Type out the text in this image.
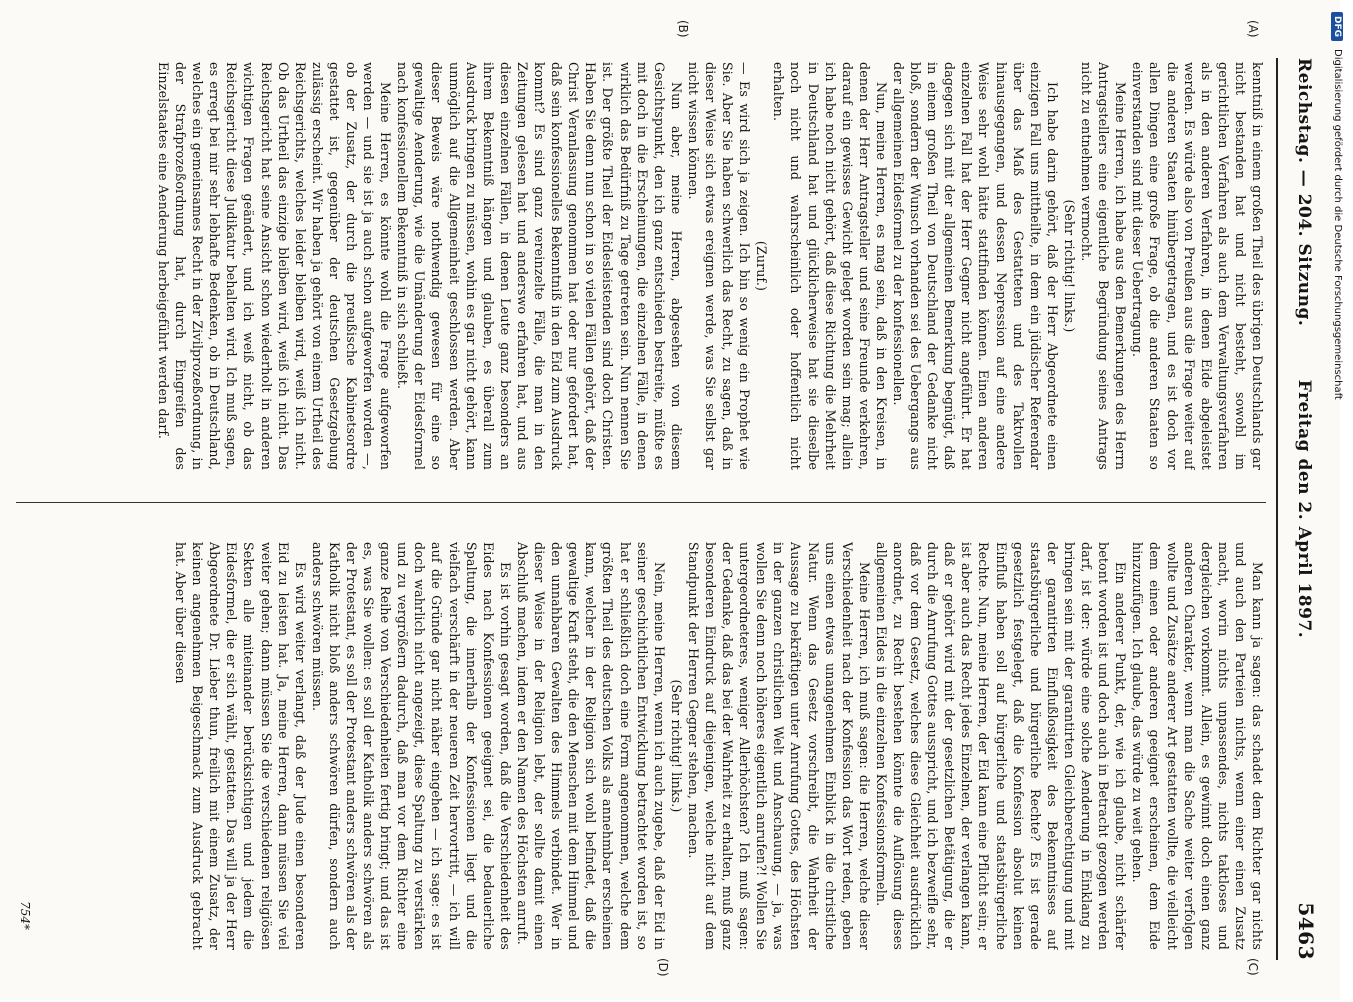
Reichstag. — 204. Sitzung.
Freitag den 2. April 1897.
5463
(A)
(B)
(C)
(D)

kenntniß in einem großen Theil des übrigen Deutschlands gar nicht bestanden hat und nicht besteht, sowohl im gerichtlichen Verfahren als auch dem Verwaltungsverfahren als in den anderen Verfahren, in denen Eide abgeleistet werden. Es würde also von Preußen aus die Frage weiter auf die anderen Staaten hinübergetragen, und es ist doch vor allen Dingen eine große Frage, ob die anderen Staaten so einverstanden sind mit dieser Uebertragung.

Meine Herren, ich habe aus den Bemerkungen des Herrn Antragstellers eine eigentliche Begründung seines Antrags nicht zu entnehmen vermocht.

(Sehr richtig! links.)

Ich habe darin gehört, daß der Herr Abgeordnete einen einzigen Fall uns mittheilte, in dem ein jüdischer Referendar über das Maß des Gestatteten und des Taktvollen hinausgegangen, und dessen Nepression auf eine andere Weise sehr wohl hätte stattfinden können. Einen anderen einzelnen Fall hat der Herr Gegner nicht angeführt. Er hat dagegen sich mit der allgemeinen Bemerkung begnügt, daß in einem großen Theil von Deutschland der Gedanke nicht bloß, sondern der Wunsch vorhanden sei des Uebergangs aus der allgemeinen Eidesformel zu der konfessionellen.

Nun, meine Herren, es mag sein, daß in den Kreisen, in denen der Herr Antragsteller und seine Freunde verkehren, darauf ein gewisses Gewicht gelegt worden sein mag; allein ich habe noch nicht gehört, daß diese Richtung die Mehrheit in Deutschland hat und glücklicherweise hat sie dieselbe noch nicht und wahrscheinlich oder hoffentlich nicht erhalten.

(Zuruf.)

— Es wird sich ja zeigen. Ich bin so wenig ein Prophet wie Sie. Aber Sie haben schwerlich das Recht, zu sagen, daß in dieser Weise sich etwas ereignen werde, was Sie selbst gar nicht wissen können.

Nun aber, meine Herren, abgesehen von diesem Gesichtspunkt, den ich ganz entschieden bestreite, müßte es mit doch in die Erscheinungen, die einzelnen Fälle, in denen wirklich das Bedürfniß zu Tage getreten sein. Nun nennen Sie ist. Der größte Theil der Eidesleistenden sind doch Christen. Haben Sie denn nun schon in so vielen Fällen gehört, daß der Christ Veranlassung genommen hat oder nur gefordert hat, daß sein konfessionelles Bekenntniß in den Eid zum Ausdruck kommt? Es sind ganz vereinzelte Fälle, die man in den Zeitungen gelesen hat und anderswo erfahren hat, und aus diesen einzelnen Fällen, in denen Leute ganz besonders an ihrem Bekenntniß hängen und glauben, es überall zum Ausdruck bringen zu müssen, wohin es gar nicht gehört, kann unmöglich auf die Allgemeinheit geschlossen werden. Aber dieser Beweis wäre nothwendig gewesen für eine so gewaltige Aenderung, wie die Umänderung der Eidesformel nach konfessionellem Bekenntniß in sich schließt.

Meine Herren, es könnte wohl die Frage aufgeworfen werden — und sie ist ja auch schon aufgeworfen worden —, ob der Zusatz, der durch die preußische Kabinetsordre gestattet ist, gegenüber der deutschen Gesetzgebung zulässig erscheint. Wir haben ja gehört von einem Urtheil des Reichsgerichts, welches leider bleiben wird, weiß ich nicht. Ob das Urtheil das einzige bleiben wird, weiß ich nicht. Das Reichsgericht hat seine Ansicht schon wiederholt in anderen wichtigen Fragen geändert, und ich weiß nicht, ob das Reichsgericht diese Judikatur behalten wird. Ich muß sagen, es erregt bei mir sehr lebhafte Bedenken, ob in Deutschland, welches ein gemeinsames Recht in der Zivilprozeßordnung, in der Strafprozeßordnung hat, durch Eingreifen des Einzelstaates eine Aenderung herbeigeführt werden darf.

Man kann ja sagen: das schadet dem Richter gar nichts und auch den Parteien nichts, wenn einer einen Zusatz macht, worin nichts unpassendes, nichts taktloses und dergleichen vorkommt. Allein, es gewinnt doch einen ganz anderen Charakter, wenn man die Sache weiter verfolgen wollte und Zusätze anderer Art gestatten wollte, die vielleicht dem einen oder anderen geeignet erscheinen, dem Eide hinzuzufügen. Ich glaube, das würde zu weit gehen.

Ein anderer Punkt, der, wie ich glaube, nicht schärfer betont worden ist und doch auch in Betracht gezogen werden darf, ist der: würde eine solche Aenderung in Einklang zu bringen sein mit der garantirten Gleichberechtigung und mit der garantirten Einflußlosigkeit des Bekenntnisses auf staatsbürgerliche und bürgerliche Rechte? Es ist gerade gesetzlich festgelegt, daß die Konfession absolut keinen Einfluß haben soll auf bürgerliche und staatsbürgerliche Rechte. Nun, meine Herren, der Eid kann eine Pflicht sein; er ist aber auch das Recht jedes Einzelnen, der verlangen kann, daß er gehört wird mit der gesetzlichen Betätigung, die er durch die Anrufung Gottes ausspricht, und ich bezweifle sehr, daß vor dem Gesetz, welches diese Gleichheit ausdrücklich anordnet, zu Recht bestehen könnte die Auflösung dieses allgemeinen Eides in die einzelnen Konfessionsformeln.

Meine Herren, ich muß sagen: die Herren, welche dieser Verschiedenheit nach der Konfession das Wort reden, geben uns einen etwas unangenehmen Einblick in die christliche Natur. Wenn das Gesetz vorschreibt, die Wahrheit der Aussage zu bekräftigen unter Anrufung Gottes, des Höchsten in der ganzen christlichen Welt und Anschauung, — ja, was wollen Sie denn noch höheres eigentlich anrufen?! Wollen Sie untergeordneteres, weniger Allerhöchsten? Ich muß sagen: der Gedanke, daß das bei der Wahrheit zu erhalten, muß ganz besonderen Eindruck auf diejenigen, welche nicht auf dem Standpunkt der Herren Gegner stehen, machen.

(Sehr richtig! links.)

Nein, meine Herren, wenn ich auch zugebe, daß der Eid in seiner geschichtlichen Entwicklung betrachtet worden ist, so hat er schließlich doch eine Form angenommen, welche dem größten Theil des deutschen Volks als annehmbar erscheinen kann, welcher in der Religion sich wohl befindet, daß die gewaltige Kraft steht, die den Menschen mit dem Himmel und den unnahbaren Gewalten des Himmels verbindet. Wer in dieser Weise in der Religion lebt, der sollte damit einen Abschluß machen, indem er den Namen des Höchsten anruft.

Es ist vorhin gesagt worden, daß die Verschiedenheit des Eides nach Konfessionen geeignet sei, die bedauerliche Spaltung, die innerhalb der Konfessionen liegt und die vielfach verschärft in der neueren Zeit hervortritt, — ich will auf die Gründe gar nicht näher eingehen — ich sage: es ist doch wahrlich nicht angezeigt, diese Spaltung zu verstärken und zu vergrößern dadurch, daß man vor dem Richter eine ganze Reihe von Verschiedenheiten fertig bringt; und das ist es, was Sie wollen: es soll der Katholik anders schwören als der Protestant, es soll der Protestant anders schwören als der Katholik nicht bloß anders schwören dürfen, sondern auch anders schwören müssen.

Es wird weiter verlangt, daß der Jude einen besonderen Eid zu leisten hat. Ja, meine Herren, dann müssen Sie viel weiter gehen; dann müssen Sie die verschiedenen religiösen Sekten alle miteinander berücksichtigen und jedem die Eidesformel, die er sich wählt, gestatten. Das will ja der Herr Abgeordnete Dr. Lieber thun, freilich mit einem Zusatz, der keinen angenehmen Beigeschmack zum Ausdruck gebracht hat. Aber über diesen

754*
DFG
Digitalisierung gefördert durch die Deutsche Forschungsgemeinschaft
